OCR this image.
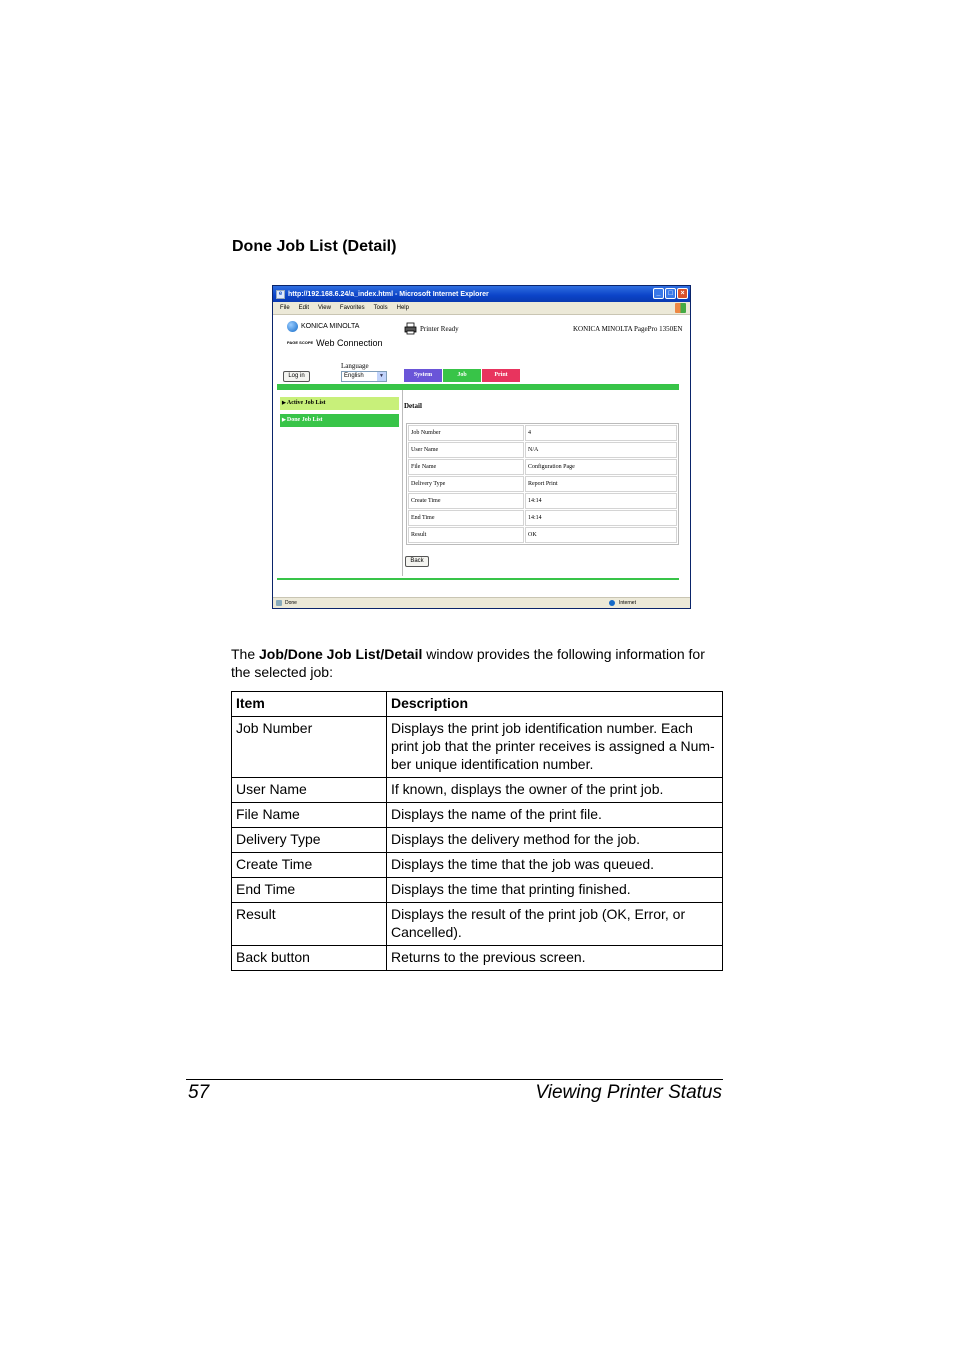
Done Job List (Detail)
e http://192.168.6.24/a_index.html - Microsoft Internet Explorer	_	□	×
File Edit View Favorites Tools Help
KONICA MINOLTA
PAGE SCOPE Web Connection
Printer Ready	KONICA MINOLTA PagePro 1350EN
Language
Log in	English	▼	System	Job	Print
▶Active Job List
▶Done Job List
Detail
Job Number	4
User Name	N/A
File Name	Configuration Page
Delivery Type	Report Print
Create Time	14:14
End Time	14:14
Result	OK
Back
Done	Internet

The Job/Done Job List/Detail window provides the following information for the selected job:

Item	Description
Job Number	Displays the print job identification number. Each print job that the printer receives is assigned a Num-ber unique identification number.
User Name	If known, displays the owner of the print job.
File Name	Displays the name of the print file.
Delivery Type	Displays the delivery method for the job.
Create Time	Displays the time that the job was queued.
End Time	Displays the time that printing finished.
Result	Displays the result of the print job (OK, Error, or Cancelled).
Back button	Returns to the previous screen.
57	Viewing Printer Status
